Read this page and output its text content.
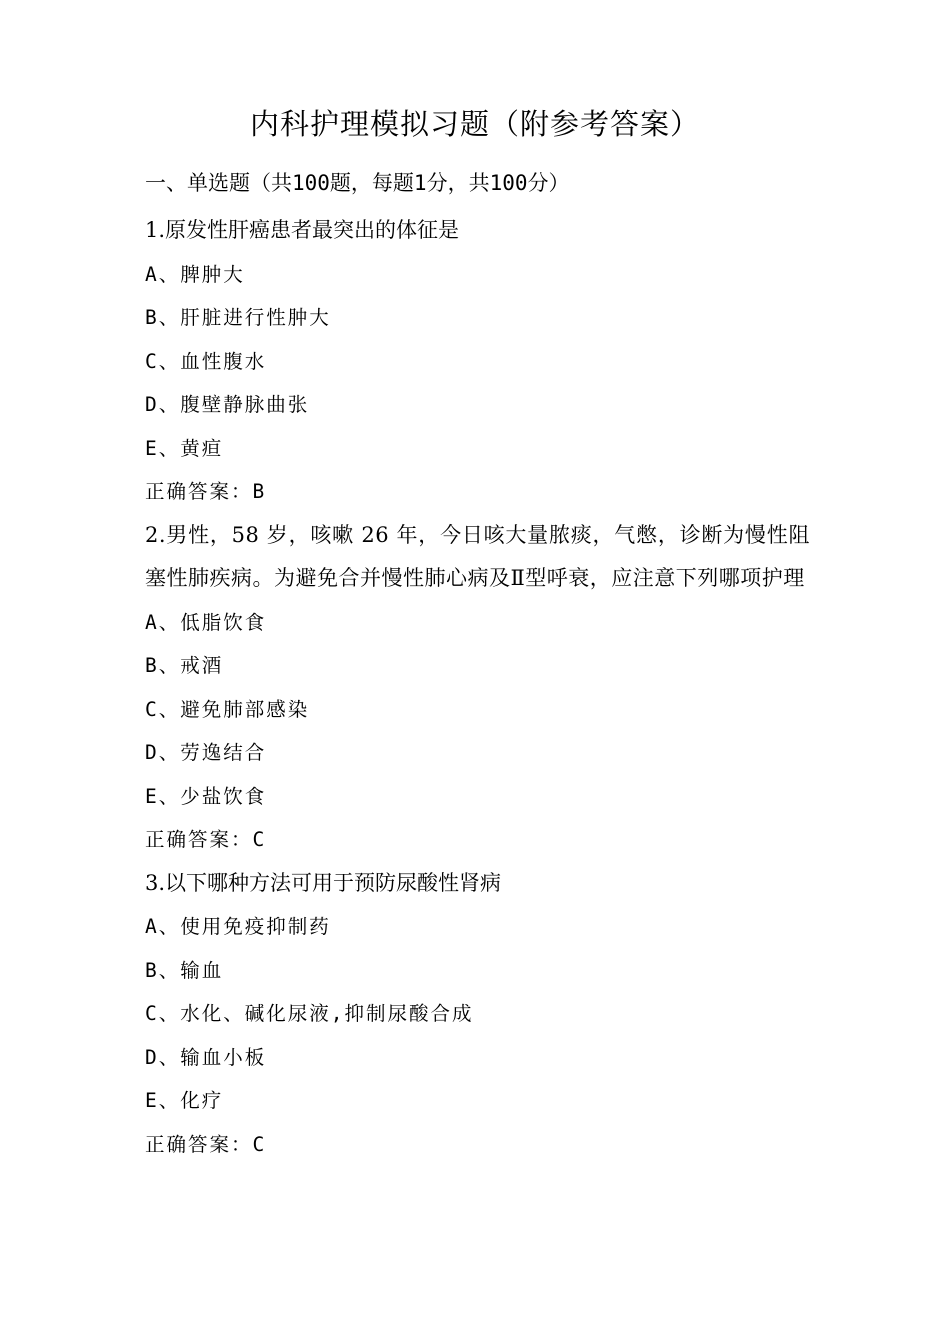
内科护理模拟习题（附参考答案）
一、单选题（共100题，每题1分，共100分）
1.原发性肝癌患者最突出的体征是
A、脾肿大
B、肝脏进行性肿大
C、血性腹水
D、腹壁静脉曲张
E、黄疸
正确答案：B
2.男性，58 岁，咳嗽 26 年，今日咳大量脓痰，气憋，诊断为慢性阻塞性肺疾病。为避免合并慢性肺心病及Ⅱ型呼衰，应注意下列哪项护理
A、低脂饮食
B、戒酒
C、避免肺部感染
D、劳逸结合
E、少盐饮食
正确答案：C
3.以下哪种方法可用于预防尿酸性肾病
A、使用免疫抑制药
B、输血
C、水化、碱化尿液,抑制尿酸合成
D、输血小板
E、化疗
正确答案：C
